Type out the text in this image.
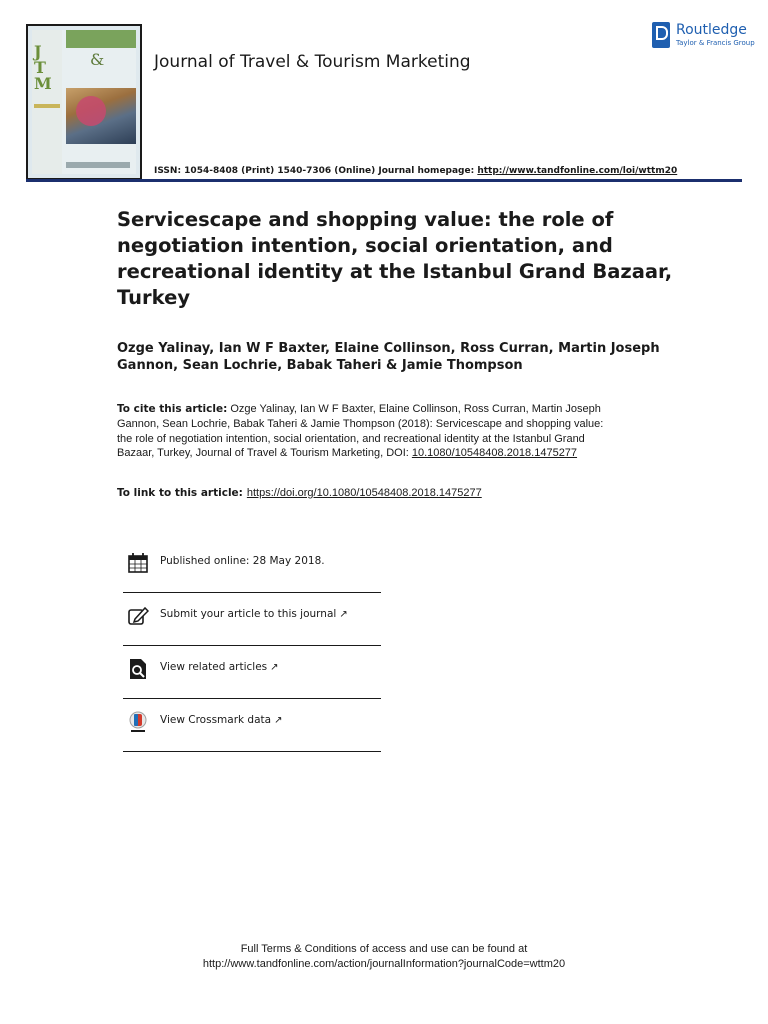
J
T
M
&	Journal of Travel & Tourism Marketing
Routledge
Taylor & Francis Group
ISSN: 1054-8408 (Print) 1540-7306 (Online) Journal homepage: http://www.tandfonline.com/loi/wttm20
Servicescape and shopping value: the role of negotiation intention, social orientation, and recreational identity at the Istanbul Grand Bazaar, Turkey
Ozge Yalinay, Ian W F Baxter, Elaine Collinson, Ross Curran, Martin Joseph Gannon, Sean Lochrie, Babak Taheri & Jamie Thompson
To cite this article: Ozge Yalinay, Ian W F Baxter, Elaine Collinson, Ross Curran, Martin Joseph Gannon, Sean Lochrie, Babak Taheri & Jamie Thompson (2018): Servicescape and shopping value: the role of negotiation intention, social orientation, and recreational identity at the Istanbul Grand Bazaar, Turkey, Journal of Travel & Tourism Marketing, DOI: 10.1080/10548408.2018.1475277
To link to this article: https://doi.org/10.1080/10548408.2018.1475277
Published online: 28 May 2018.
Submit your article to this journal ↗
View related articles ↗
View Crossmark data ↗
Full Terms & Conditions of access and use can be found at
http://www.tandfonline.com/action/journalInformation?journalCode=wttm20
